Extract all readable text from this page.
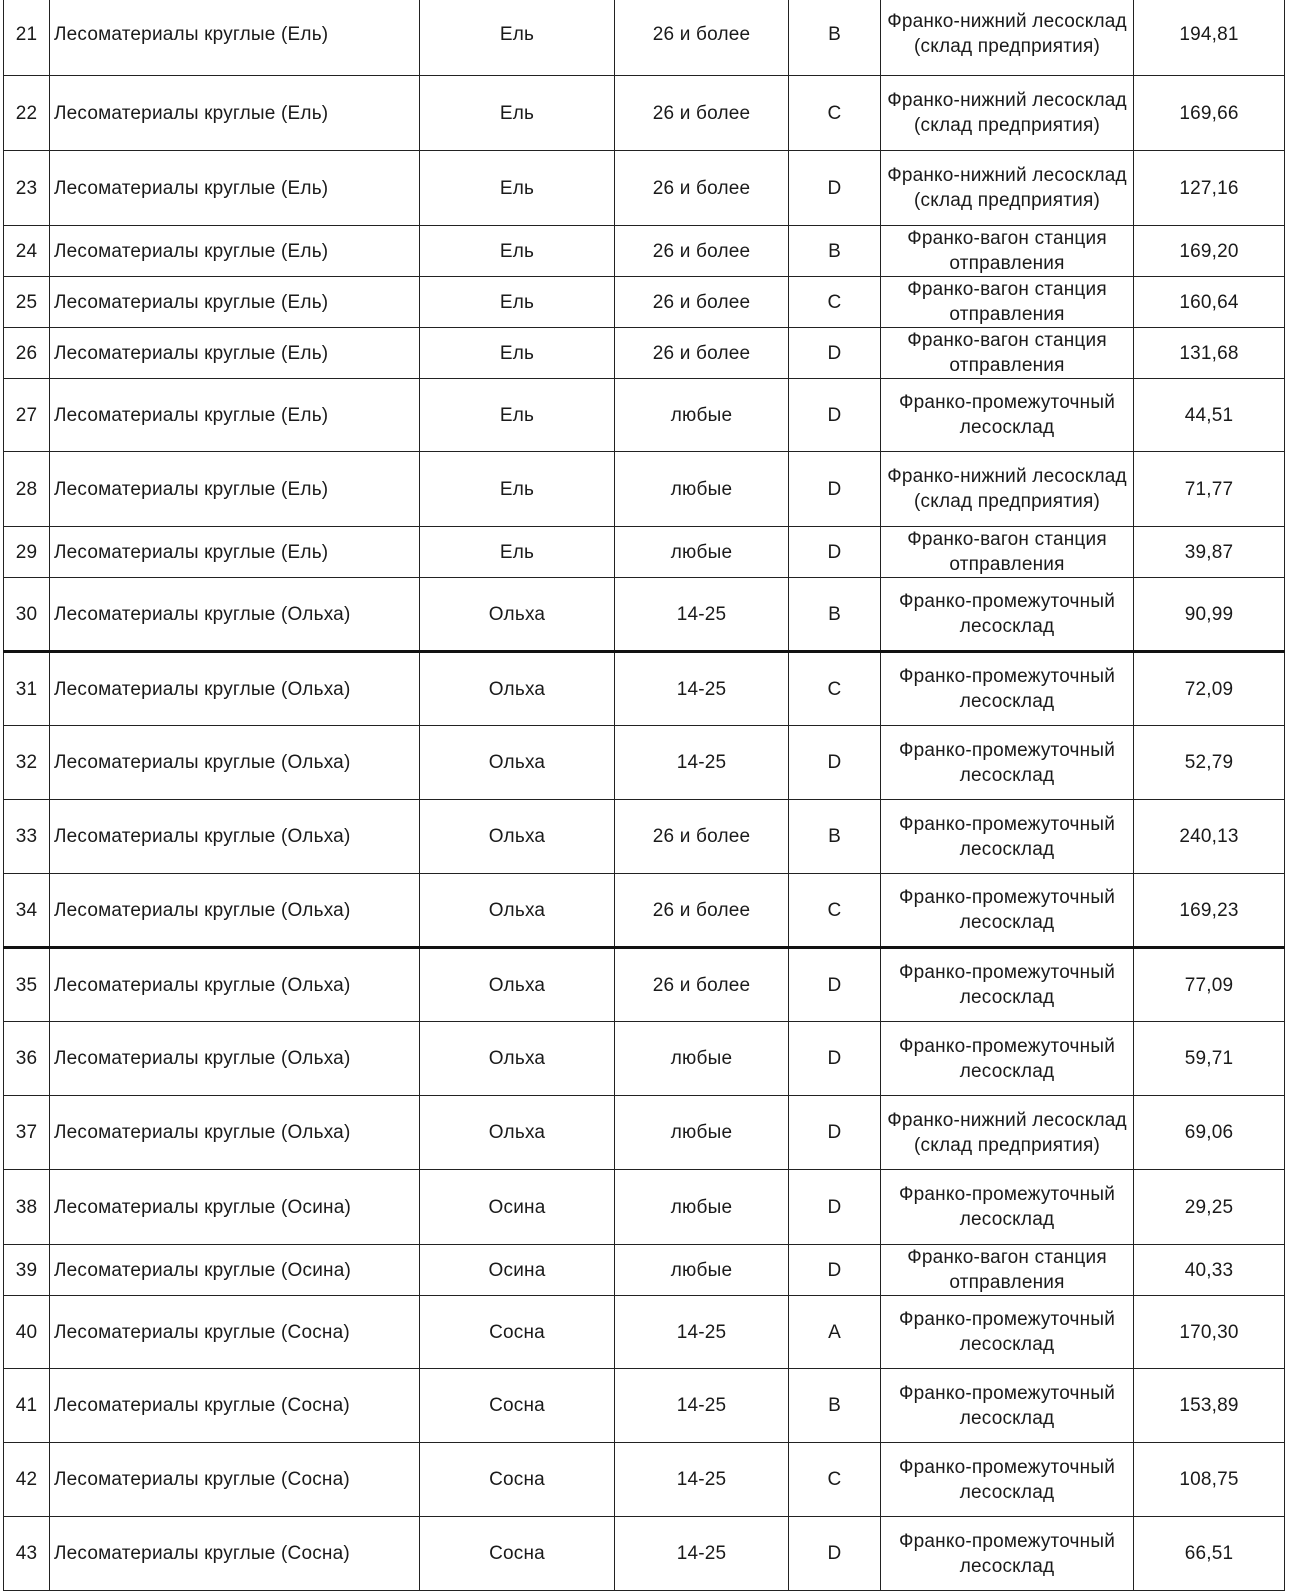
21	Лесоматериалы круглые (Ель)	Ель	26 и более	B	Франко-нижний лесосклад (склад предприятия)	194,81
22	Лесоматериалы круглые (Ель)	Ель	26 и более	C	Франко-нижний лесосклад (склад предприятия)	169,66
23	Лесоматериалы круглые (Ель)	Ель	26 и более	D	Франко-нижний лесосклад (склад предприятия)	127,16
24	Лесоматериалы круглые (Ель)	Ель	26 и более	B	Франко-вагон станция отправления	169,20
25	Лесоматериалы круглые (Ель)	Ель	26 и более	C	Франко-вагон станция отправления	160,64
26	Лесоматериалы круглые (Ель)	Ель	26 и более	D	Франко-вагон станция отправления	131,68
27	Лесоматериалы круглые (Ель)	Ель	любые	D	Франко-промежуточный лесосклад	44,51
28	Лесоматериалы круглые (Ель)	Ель	любые	D	Франко-нижний лесосклад (склад предприятия)	71,77
29	Лесоматериалы круглые (Ель)	Ель	любые	D	Франко-вагон станция отправления	39,87
30	Лесоматериалы круглые (Ольха)	Ольха	14-25	B	Франко-промежуточный лесосклад	90,99
31	Лесоматериалы круглые (Ольха)	Ольха	14-25	C	Франко-промежуточный лесосклад	72,09
32	Лесоматериалы круглые (Ольха)	Ольха	14-25	D	Франко-промежуточный лесосклад	52,79
33	Лесоматериалы круглые (Ольха)	Ольха	26 и более	B	Франко-промежуточный лесосклад	240,13
34	Лесоматериалы круглые (Ольха)	Ольха	26 и более	C	Франко-промежуточный лесосклад	169,23
35	Лесоматериалы круглые (Ольха)	Ольха	26 и более	D	Франко-промежуточный лесосклад	77,09
36	Лесоматериалы круглые (Ольха)	Ольха	любые	D	Франко-промежуточный лесосклад	59,71
37	Лесоматериалы круглые (Ольха)	Ольха	любые	D	Франко-нижний лесосклад (склад предприятия)	69,06
38	Лесоматериалы круглые (Осина)	Осина	любые	D	Франко-промежуточный лесосклад	29,25
39	Лесоматериалы круглые (Осина)	Осина	любые	D	Франко-вагон станция отправления	40,33
40	Лесоматериалы круглые (Сосна)	Сосна	14-25	A	Франко-промежуточный лесосклад	170,30
41	Лесоматериалы круглые (Сосна)	Сосна	14-25	B	Франко-промежуточный лесосклад	153,89
42	Лесоматериалы круглые (Сосна)	Сосна	14-25	C	Франко-промежуточный лесосклад	108,75
43	Лесоматериалы круглые (Сосна)	Сосна	14-25	D	Франко-промежуточный лесосклад	66,51
